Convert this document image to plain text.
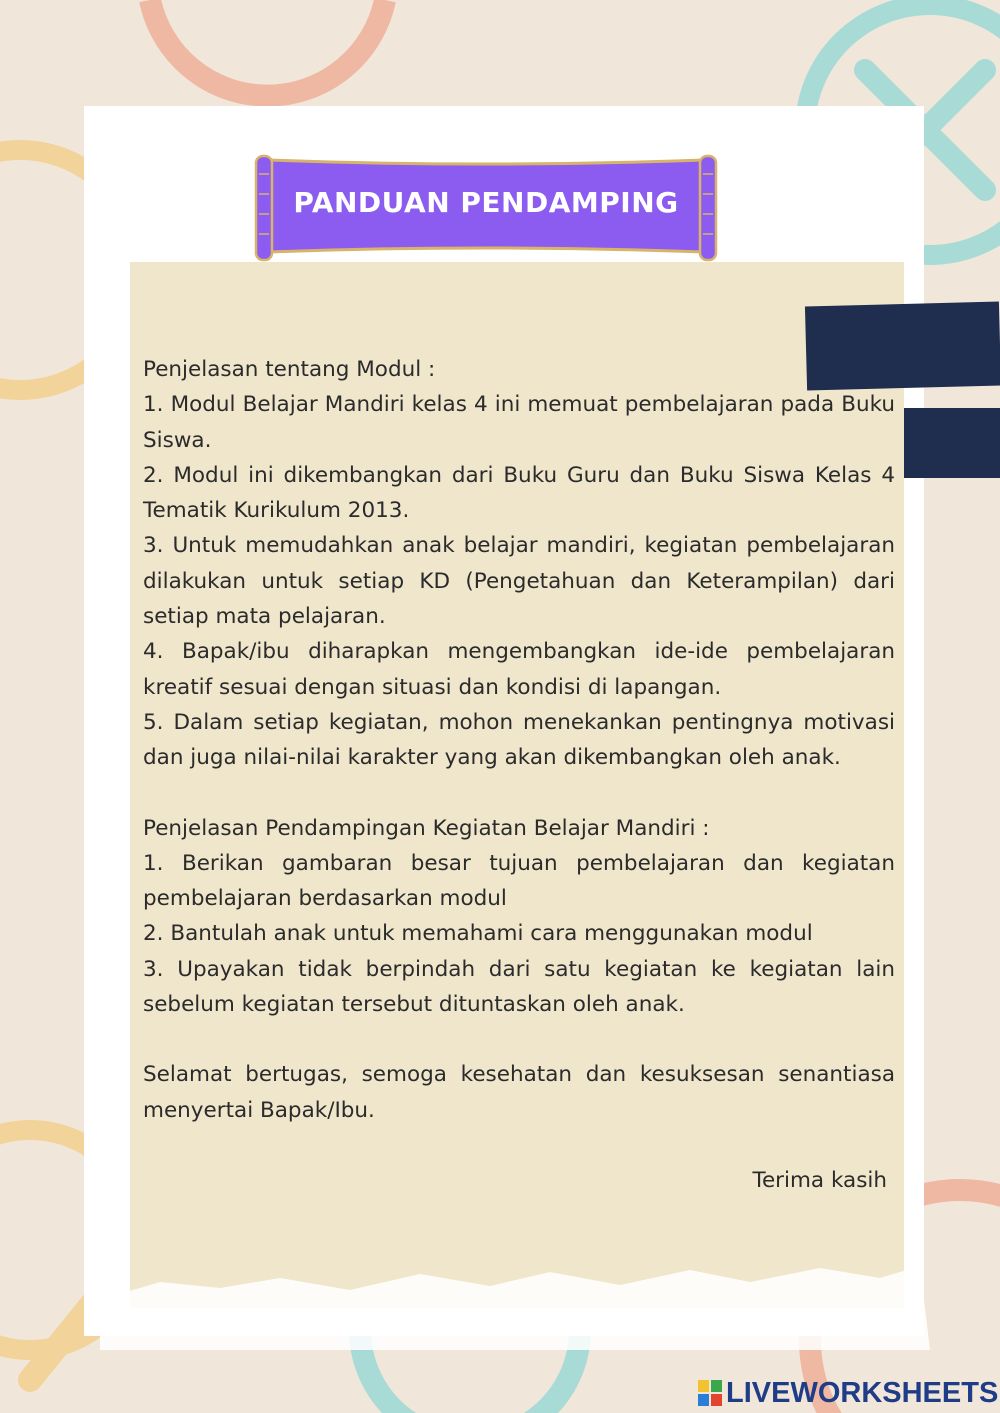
PANDUAN PENDAMPING

Penjelasan tentang Modul :

1. Modul Belajar Mandiri kelas 4 ini memuat pembelajaran pada Buku Siswa.

2. Modul ini dikembangkan dari Buku Guru dan Buku Siswa Kelas 4 Tematik Kurikulum 2013.

3. Untuk memudahkan anak belajar mandiri, kegiatan pembelajaran dilakukan untuk setiap KD (Pengetahuan dan Keterampilan) dari setiap mata pelajaran.

4. Bapak/ibu diharapkan mengembangkan ide-ide pembelajaran kreatif sesuai dengan situasi dan kondisi di lapangan.

5. Dalam setiap kegiatan, mohon menekankan pentingnya motivasi dan juga nilai-nilai karakter yang akan dikembangkan oleh anak.

Penjelasan Pendampingan Kegiatan Belajar Mandiri :

1. Berikan gambaran besar tujuan pembelajaran dan kegiatan pembelajaran berdasarkan modul

2. Bantulah anak untuk memahami cara menggunakan modul

3. Upayakan tidak berpindah dari satu kegiatan ke kegiatan lain sebelum kegiatan tersebut dituntaskan oleh anak.

Selamat bertugas, semoga kesehatan dan kesuksesan senantiasa menyertai Bapak/Ibu.

Terima kasih

LIVEWORKSHEETS
